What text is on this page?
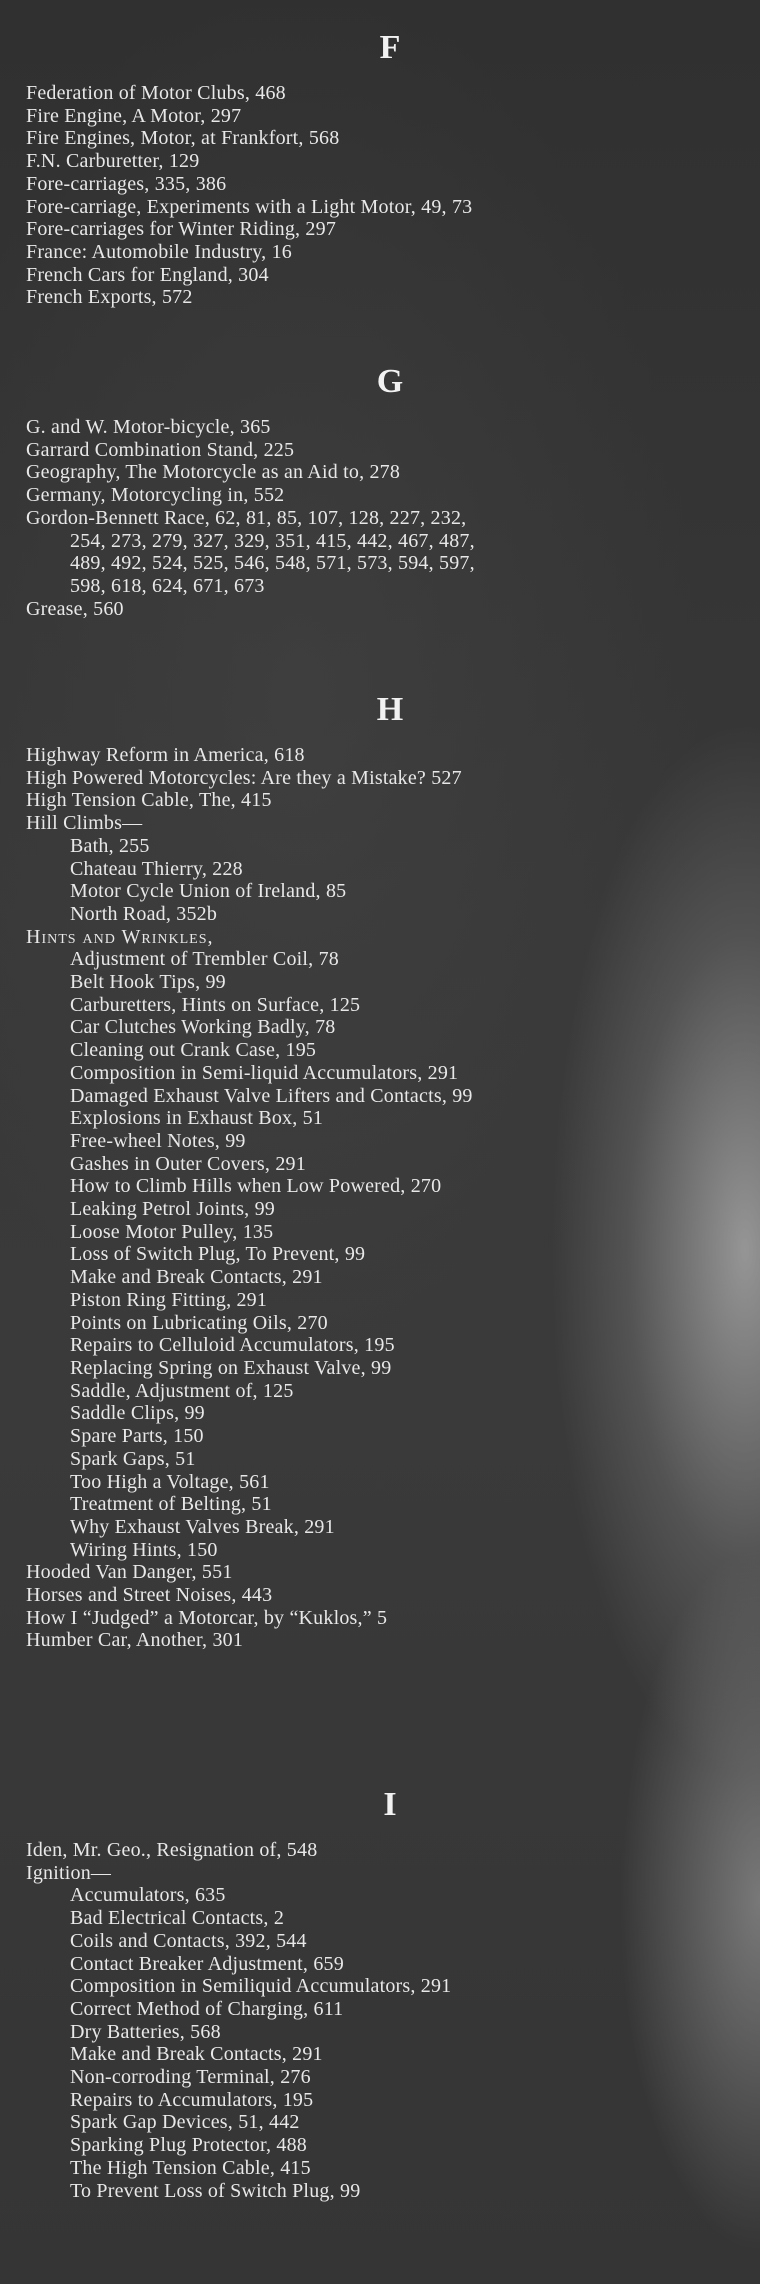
F
Federation of Motor Clubs, 468
Fire Engine, A Motor, 297
Fire Engines, Motor, at Frankfort, 568
F.N. Carburetter, 129
Fore-carriages, 335, 386
Fore-carriage, Experiments with a Light Motor, 49, 73
Fore-carriages for Winter Riding, 297
France: Automobile Industry, 16
French Cars for England, 304
French Exports, 572
G
G. and W. Motor-bicycle, 365
Garrard Combination Stand, 225
Geography, The Motorcycle as an Aid to, 278
Germany, Motorcycling in, 552
Gordon-Bennett Race, 62, 81, 85, 107, 128, 227, 232,
254, 273, 279, 327, 329, 351, 415, 442, 467, 487,
489, 492, 524, 525, 546, 548, 571, 573, 594, 597,
598, 618, 624, 671, 673
Grease, 560
H
Highway Reform in America, 618
High Powered Motorcycles: Are they a Mistake? 527
High Tension Cable, The, 415
Hill Climbs—
Bath, 255
Chateau Thierry, 228
Motor Cycle Union of Ireland, 85
North Road, 352b
Hints and Wrinkles,
Adjustment of Trembler Coil, 78
Belt Hook Tips, 99
Carburetters, Hints on Surface, 125
Car Clutches Working Badly, 78
Cleaning out Crank Case, 195
Composition in Semi-liquid Accumulators, 291
Damaged Exhaust Valve Lifters and Contacts, 99
Explosions in Exhaust Box, 51
Free-wheel Notes, 99
Gashes in Outer Covers, 291
How to Climb Hills when Low Powered, 270
Leaking Petrol Joints, 99
Loose Motor Pulley, 135
Loss of Switch Plug, To Prevent, 99
Make and Break Contacts, 291
Piston Ring Fitting, 291
Points on Lubricating Oils, 270
Repairs to Celluloid Accumulators, 195
Replacing Spring on Exhaust Valve, 99
Saddle, Adjustment of, 125
Saddle Clips, 99
Spare Parts, 150
Spark Gaps, 51
Too High a Voltage, 561
Treatment of Belting, 51
Why Exhaust Valves Break, 291
Wiring Hints, 150
Hooded Van Danger, 551
Horses and Street Noises, 443
How I “Judged” a Motorcar, by “Kuklos,” 5
Humber Car, Another, 301
I
Iden, Mr. Geo., Resignation of, 548
Ignition—
Accumulators, 635
Bad Electrical Contacts, 2
Coils and Contacts, 392, 544
Contact Breaker Adjustment, 659
Composition in Semiliquid Accumulators, 291
Correct Method of Charging, 611
Dry Batteries, 568
Make and Break Contacts, 291
Non-corroding Terminal, 276
Repairs to Accumulators, 195
Spark Gap Devices, 51, 442
Sparking Plug Protector, 488
The High Tension Cable, 415
To Prevent Loss of Switch Plug, 99
